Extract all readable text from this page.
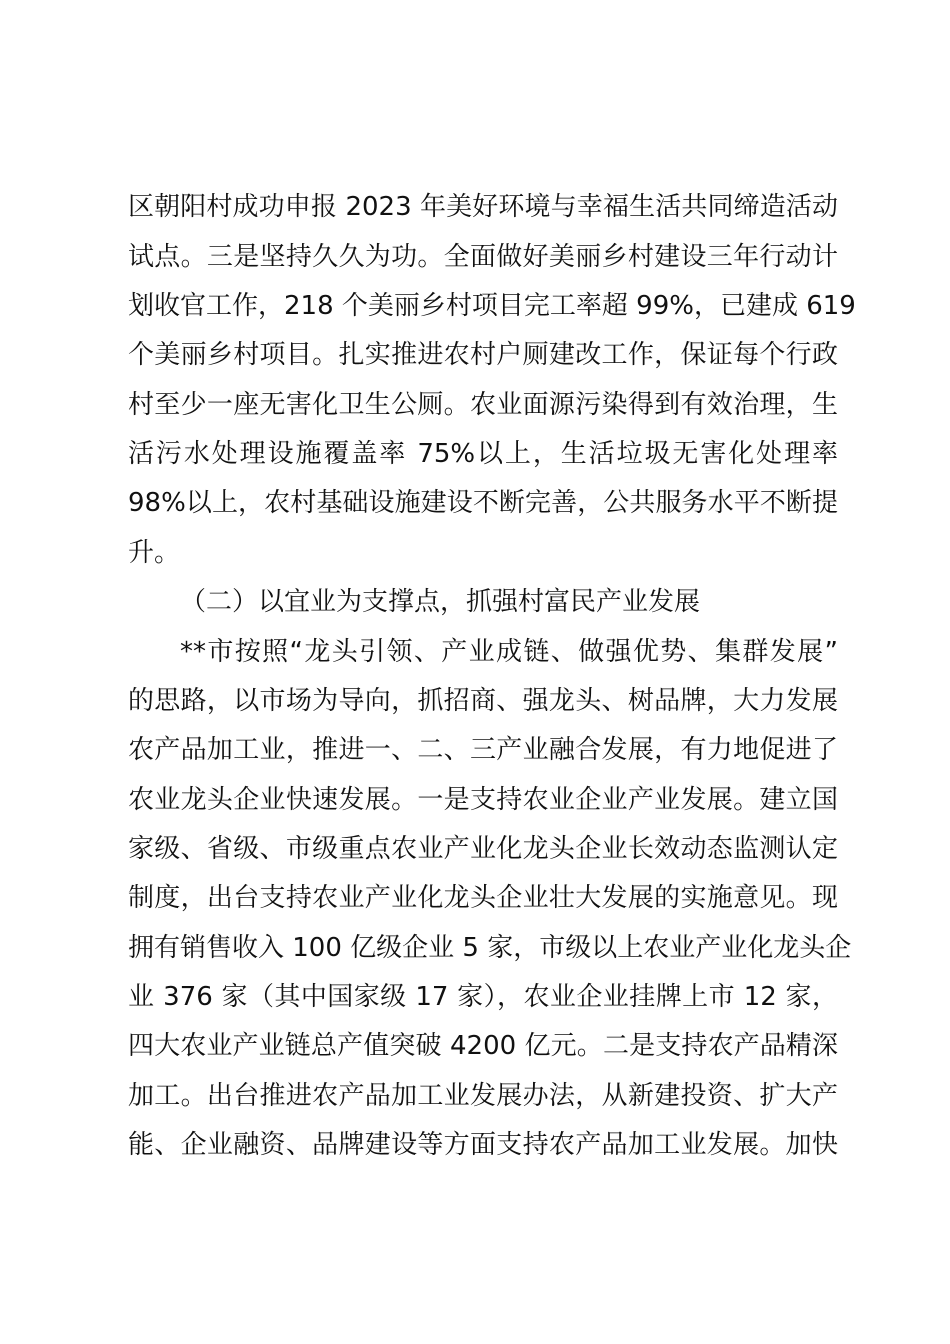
区朝阳村成功申报 2023 年美好环境与幸福生活共同缔造活动
试点。三是坚持久久为功。全面做好美丽乡村建设三年行动计
划收官工作，218 个美丽乡村项目完工率超 99%，已建成 619
个美丽乡村项目。扎实推进农村户厕建改工作，保证每个行政
村至少一座无害化卫生公厕。农业面源污染得到有效治理，生
活污水处理设施覆盖率 75%以上，生活垃圾无害化处理率
98%以上，农村基础设施建设不断完善，公共服务水平不断提
升。
（二）以宜业为支撑点，抓强村富民产业发展
**市按照“龙头引领、产业成链、做强优势、集群发展”
的思路，以市场为导向，抓招商、强龙头、树品牌，大力发展
农产品加工业，推进一、二、三产业融合发展，有力地促进了
农业龙头企业快速发展。一是支持农业企业产业发展。建立国
家级、省级、市级重点农业产业化龙头企业长效动态监测认定
制度，出台支持农业产业化龙头企业壮大发展的实施意见。现
拥有销售收入 100 亿级企业 5 家，市级以上农业产业化龙头企
业 376 家（其中国家级 17 家），农业企业挂牌上市 12 家，
四大农业产业链总产值突破 4200 亿元。二是支持农产品精深
加工。出台推进农产品加工业发展办法，从新建投资、扩大产
能、企业融资、品牌建设等方面支持农产品加工业发展。加快
